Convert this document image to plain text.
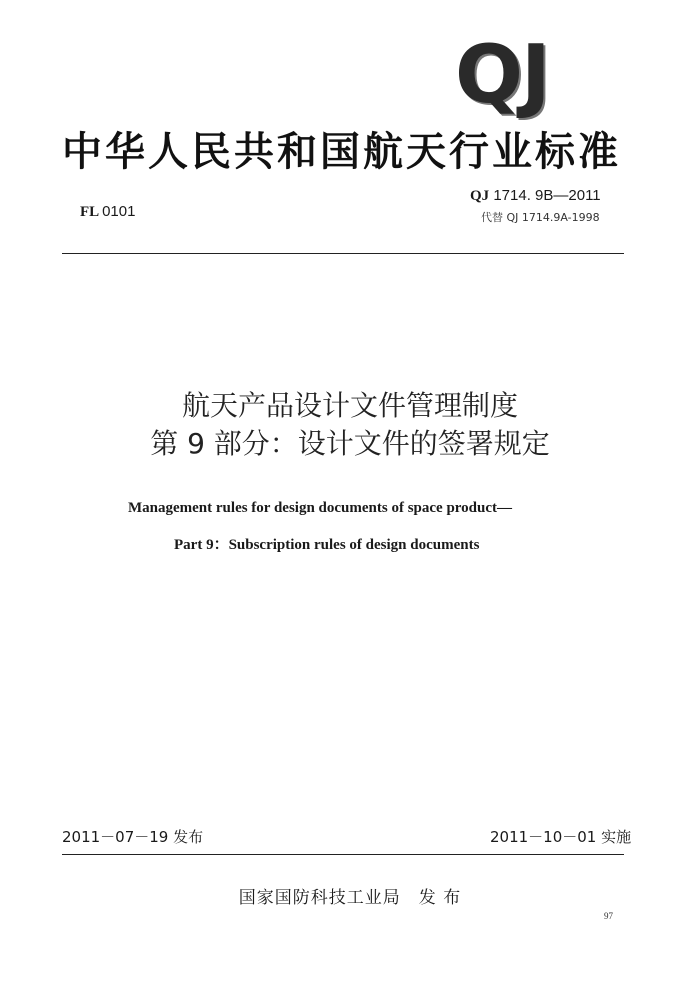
QJ
中华人民共和国航天行业标准
FL 0101
QJ 1714. 9B—2011
代替 QJ 1714.9A-1998
航天产品设计文件管理制度
第 9 部分：设计文件的签署规定
Management rules for design documents of space product—
Part 9：Subscription rules of design documents
2011－07－19 发布	2011－10－01 实施
国家国防科技工业局 发 布
97
